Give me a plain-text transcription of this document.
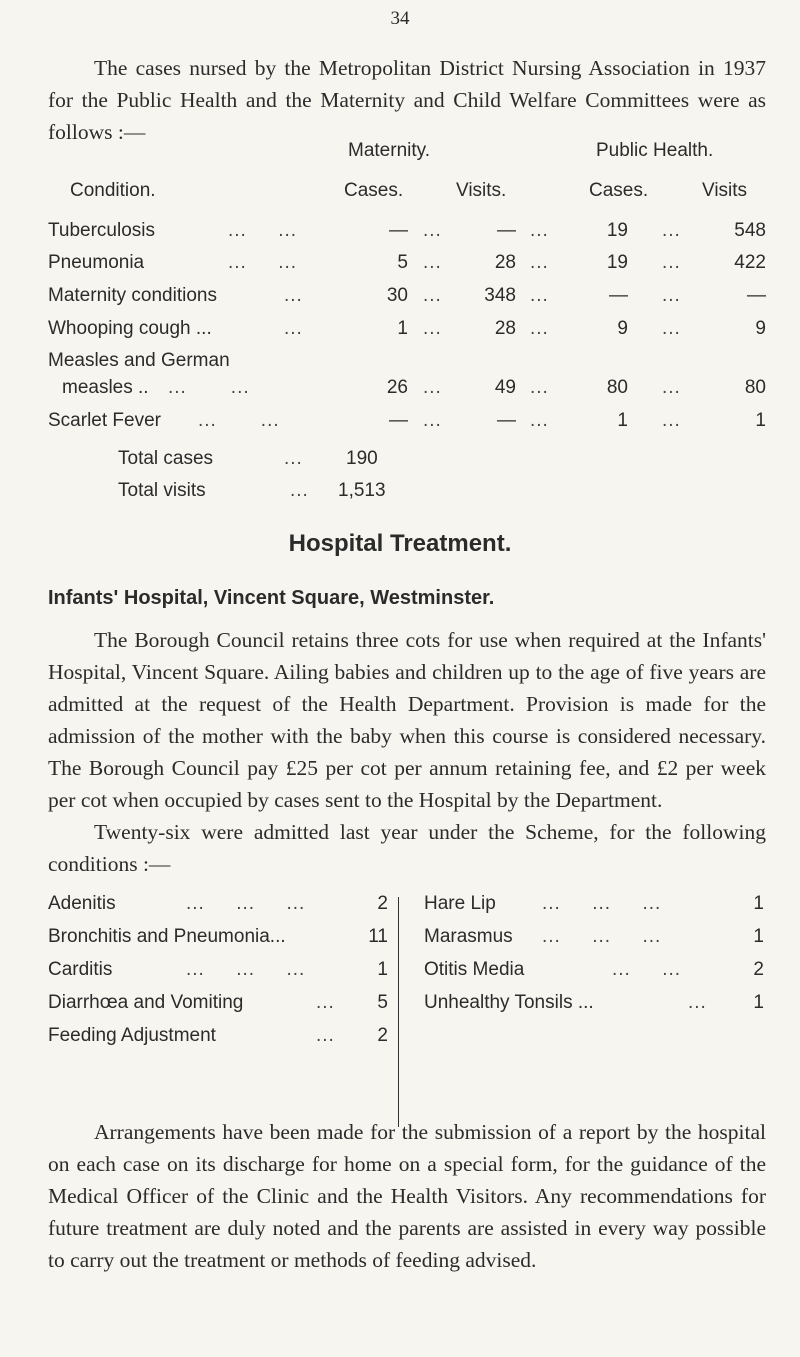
34
The cases nursed by the Metropolitan District Nursing Association in 1937 for the Public Health and the Maternity and Child Welfare Committees were as follows :—
Maternity.	Public Health.
Condition.	Cases.	Visits.	Cases.	Visits
Tuberculosis	...     ...	— ...	— ...	19 ...	548
Pneumonia	...     ...	5 ...	28 ...	19 ...	422
Maternity conditions	...	30 ...	348 ...	— ...	—
Whooping cough ...	...	1 ...	28 ...	9 ...	9
Measles and German
measles .. ...       ...	26 ...	49 ...	80 ...	80
Scarlet Fever ...       ...	— ...	— ...	1 ...	1
Total cases	... 190
Total visits	... 1,513
Hospital Treatment.
Infants' Hospital, Vincent Square, Westminster.
The Borough Council retains three cots for use when required at the Infants' Hospital, Vincent Square. Ailing babies and children up to the age of five years are admitted at the request of the Health Department. Provision is made for the admission of the mother with the baby when this course is considered necessary. The Borough Council pay £25 per cot per annum retaining fee, and £2 per week per cot when occupied by cases sent to the Hospital by the Department.
Twenty-six were admitted last year under the Scheme, for the following conditions :—
Adenitis	...     ...     ...	2
Bronchitis and Pneumonia...	11
Carditis	...     ...     ...	1
Diarrhœa and Vomiting	... 5
Feeding Adjustment	... 2
Hare Lip ...     ...     ...	1
Marasmus ...     ...     ...	1
Otitis Media	...     ...	2
Unhealthy Tonsils ...	... 1
Arrangements have been made for the submission of a report by the hospital on each case on its discharge for home on a special form, for the guidance of the Medical Officer of the Clinic and the Health Visitors. Any recommendations for future treatment are duly noted and the parents are assisted in every way possible to carry out the treatment or methods of feeding advised.
